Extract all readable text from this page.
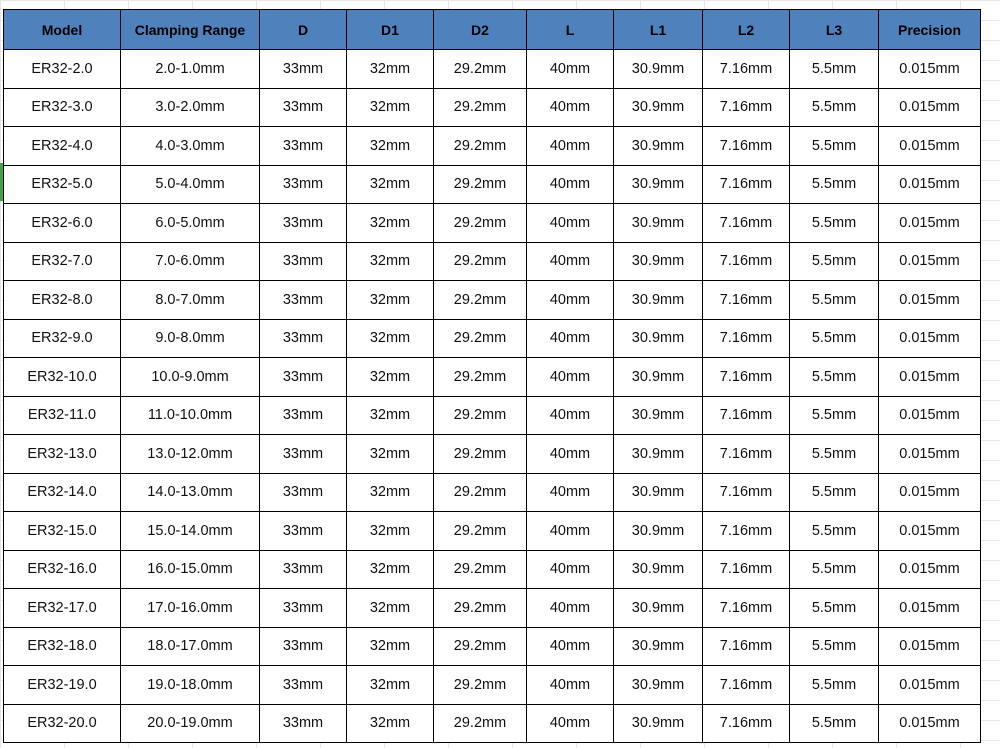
Model	Clamping Range	D	D1	D2	L	L1	L2	L3	Precision
ER32-2.0	2.0-1.0mm	33mm	32mm	29.2mm	40mm	30.9mm	7.16mm	5.5mm	0.015mm
ER32-3.0	3.0-2.0mm	33mm	32mm	29.2mm	40mm	30.9mm	7.16mm	5.5mm	0.015mm
ER32-4.0	4.0-3.0mm	33mm	32mm	29.2mm	40mm	30.9mm	7.16mm	5.5mm	0.015mm
ER32-5.0	5.0-4.0mm	33mm	32mm	29.2mm	40mm	30.9mm	7.16mm	5.5mm	0.015mm
ER32-6.0	6.0-5.0mm	33mm	32mm	29.2mm	40mm	30.9mm	7.16mm	5.5mm	0.015mm
ER32-7.0	7.0-6.0mm	33mm	32mm	29.2mm	40mm	30.9mm	7.16mm	5.5mm	0.015mm
ER32-8.0	8.0-7.0mm	33mm	32mm	29.2mm	40mm	30.9mm	7.16mm	5.5mm	0.015mm
ER32-9.0	9.0-8.0mm	33mm	32mm	29.2mm	40mm	30.9mm	7.16mm	5.5mm	0.015mm
ER32-10.0	10.0-9.0mm	33mm	32mm	29.2mm	40mm	30.9mm	7.16mm	5.5mm	0.015mm
ER32-11.0	11.0-10.0mm	33mm	32mm	29.2mm	40mm	30.9mm	7.16mm	5.5mm	0.015mm
ER32-13.0	13.0-12.0mm	33mm	32mm	29.2mm	40mm	30.9mm	7.16mm	5.5mm	0.015mm
ER32-14.0	14.0-13.0mm	33mm	32mm	29.2mm	40mm	30.9mm	7.16mm	5.5mm	0.015mm
ER32-15.0	15.0-14.0mm	33mm	32mm	29.2mm	40mm	30.9mm	7.16mm	5.5mm	0.015mm
ER32-16.0	16.0-15.0mm	33mm	32mm	29.2mm	40mm	30.9mm	7.16mm	5.5mm	0.015mm
ER32-17.0	17.0-16.0mm	33mm	32mm	29.2mm	40mm	30.9mm	7.16mm	5.5mm	0.015mm
ER32-18.0	18.0-17.0mm	33mm	32mm	29.2mm	40mm	30.9mm	7.16mm	5.5mm	0.015mm
ER32-19.0	19.0-18.0mm	33mm	32mm	29.2mm	40mm	30.9mm	7.16mm	5.5mm	0.015mm
ER32-20.0	20.0-19.0mm	33mm	32mm	29.2mm	40mm	30.9mm	7.16mm	5.5mm	0.015mm
